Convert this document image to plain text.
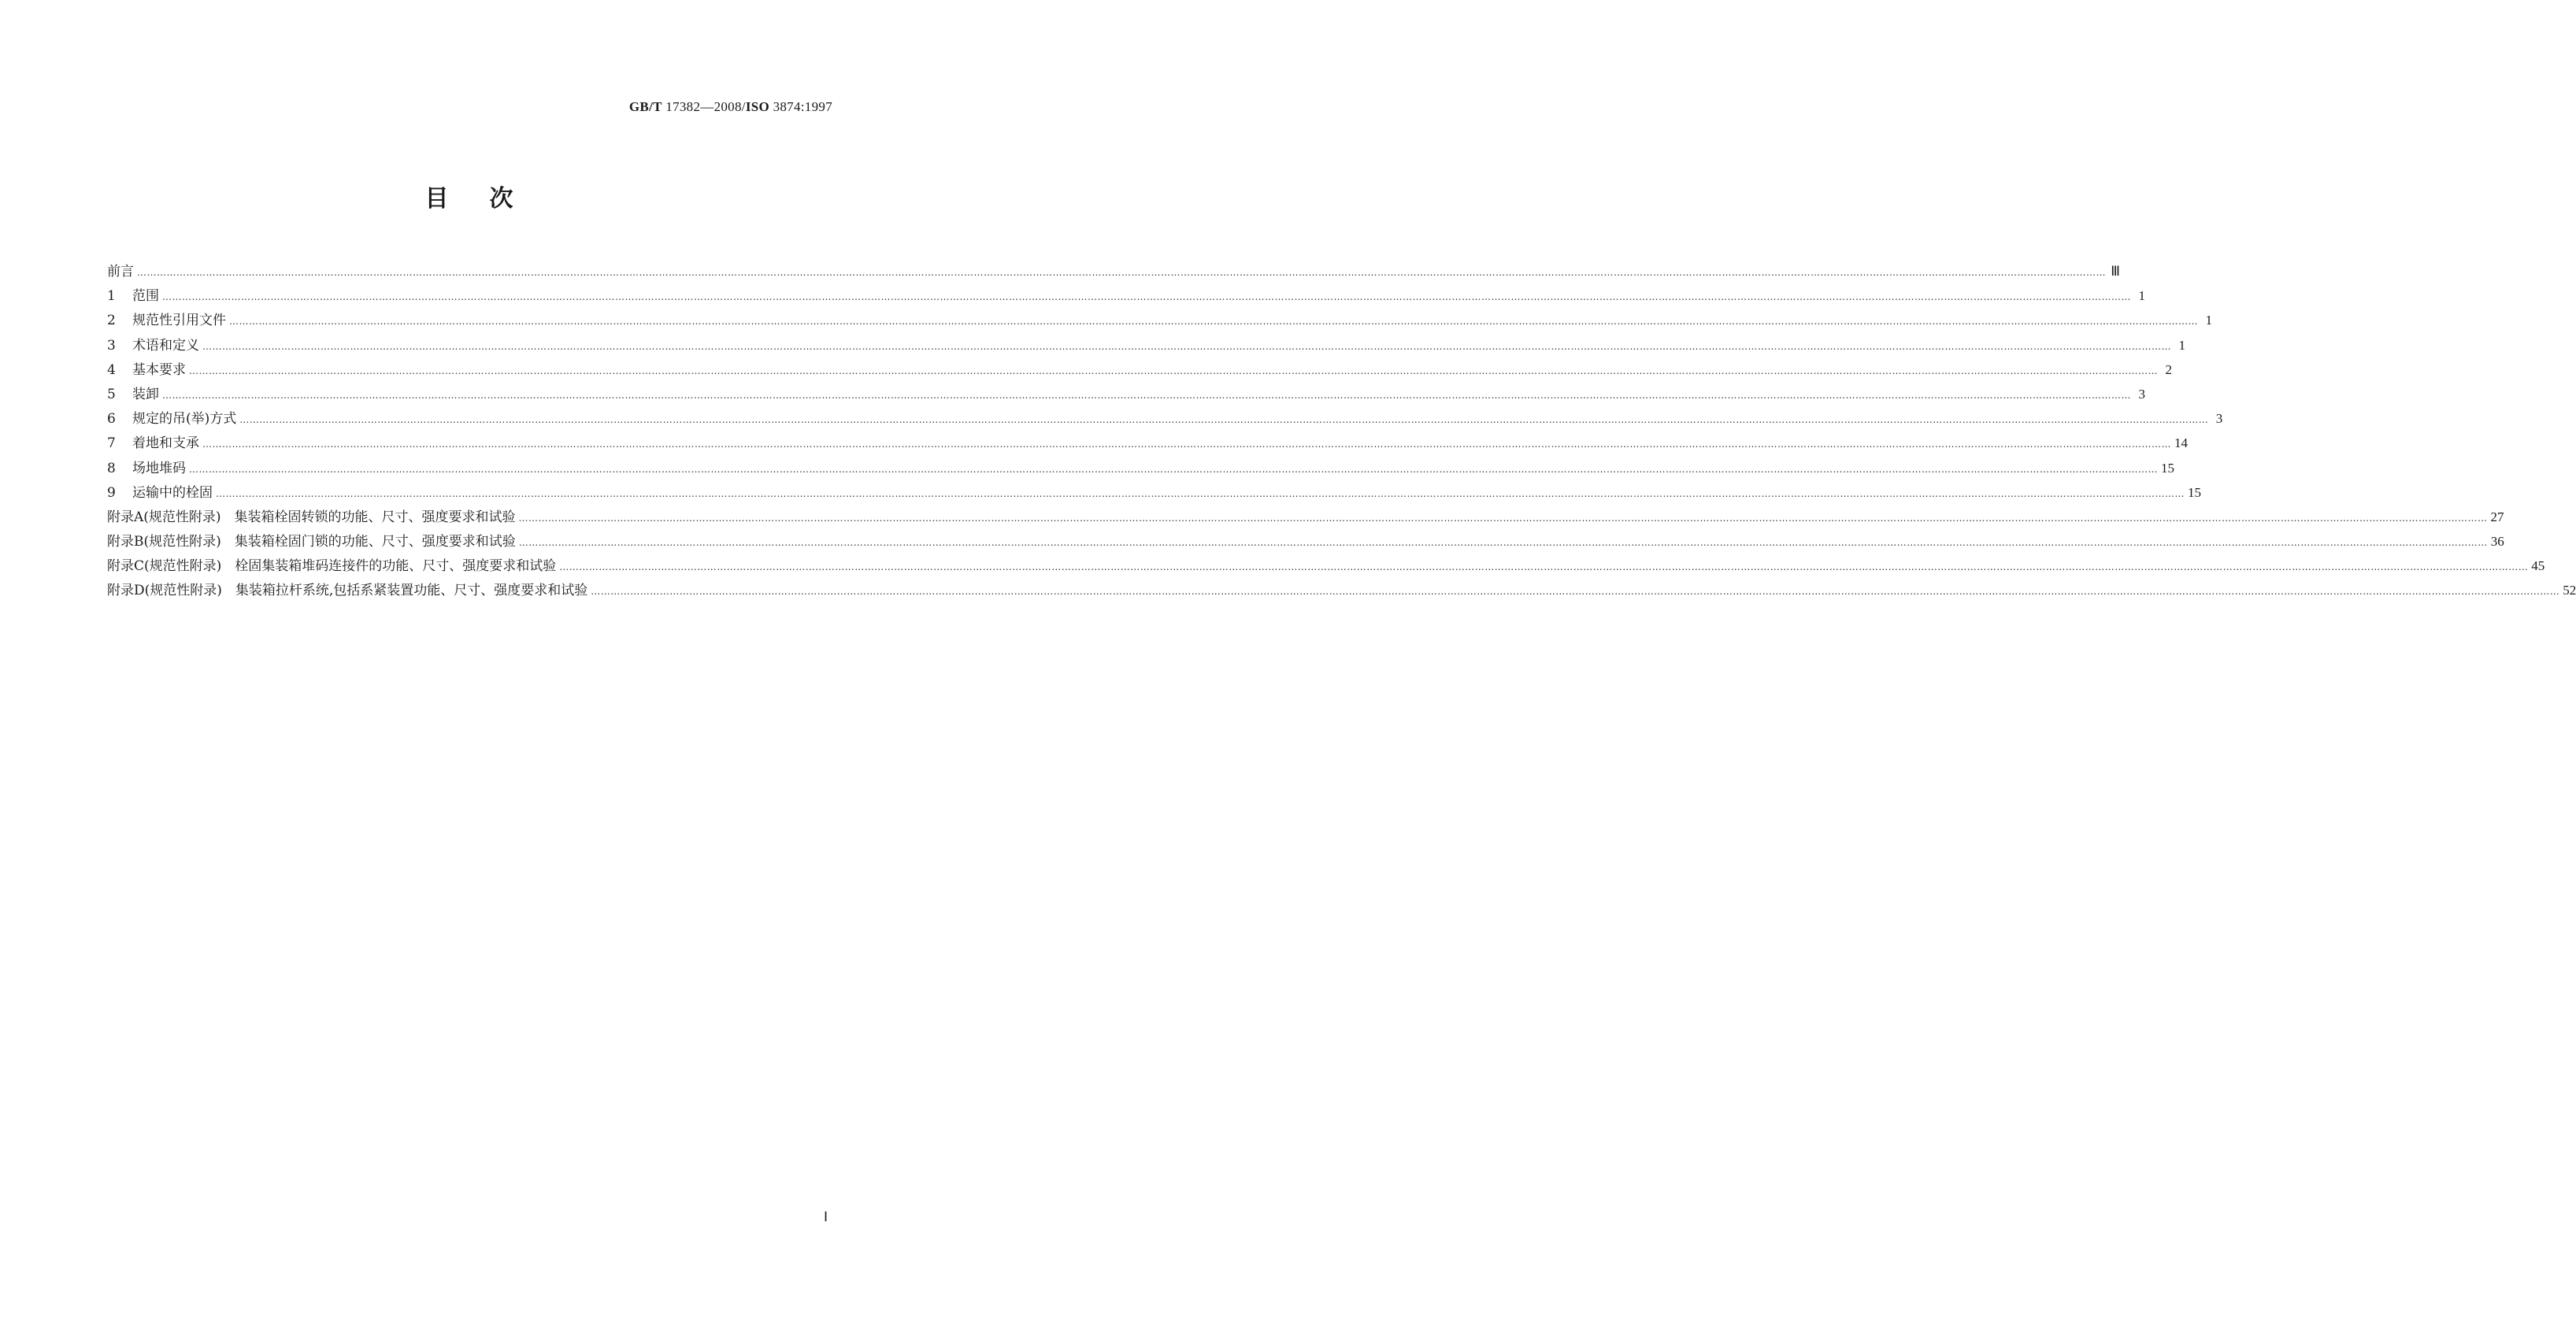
GB/T 17382—2008/ISO 3874:1997
目次
前言 …………………………………………………………………………………………………………………………………………………………………………………………………………………………………………………………………………………………………………………………………………………………………………………………………………………………………………………………………………………………………………………………………………………… Ⅲ
1 范围 …………………………………………………………………………………………………………………………………………………………………………………………………………………………………………………………………………………………………………………………………………………………………………………………………………………………………………………………………………………………………………………………………………………… 1
2 规范性引用文件 …………………………………………………………………………………………………………………………………………………………………………………………………………………………………………………………………………………………………………………………………………………………………………………………………………………………………………………………………………………………………………………………………………………… 1
3 术语和定义 …………………………………………………………………………………………………………………………………………………………………………………………………………………………………………………………………………………………………………………………………………………………………………………………………………………………………………………………………………………………………………………………………………………… 1
4 基本要求 …………………………………………………………………………………………………………………………………………………………………………………………………………………………………………………………………………………………………………………………………………………………………………………………………………………………………………………………………………………………………………………………………………………… 2
5 装卸 …………………………………………………………………………………………………………………………………………………………………………………………………………………………………………………………………………………………………………………………………………………………………………………………………………………………………………………………………………………………………………………………………………………… 3
6 规定的吊(举)方式 …………………………………………………………………………………………………………………………………………………………………………………………………………………………………………………………………………………………………………………………………………………………………………………………………………………………………………………………………………………………………………………………………………………… 3
7 着地和支承 …………………………………………………………………………………………………………………………………………………………………………………………………………………………………………………………………………………………………………………………………………………………………………………………………………………………………………………………………………………………………………………………………………………… 14
8 场地堆码 …………………………………………………………………………………………………………………………………………………………………………………………………………………………………………………………………………………………………………………………………………………………………………………………………………………………………………………………………………………………………………………………………………………… 15
9 运输中的栓固 …………………………………………………………………………………………………………………………………………………………………………………………………………………………………………………………………………………………………………………………………………………………………………………………………………………………………………………………………………………………………………………………………………………… 15
附录A(规范性附录)　集装箱栓固转锁的功能、尺寸、强度要求和试验 …………………………………………………………………………………………………………………………………………………………………………………………………………………………………………………………………………………………………………………………………………………………………………………………………………………………………………………………………………………………………………………………………………………… 27
附录B(规范性附录)　集装箱栓固门锁的功能、尺寸、强度要求和试验 …………………………………………………………………………………………………………………………………………………………………………………………………………………………………………………………………………………………………………………………………………………………………………………………………………………………………………………………………………………………………………………………………………………… 36
附录C(规范性附录)　栓固集装箱堆码连接件的功能、尺寸、强度要求和试验 …………………………………………………………………………………………………………………………………………………………………………………………………………………………………………………………………………………………………………………………………………………………………………………………………………………………………………………………………………………………………………………………………………………… 45
附录D(规范性附录)　集装箱拉杆系统,包括系紧装置功能、尺寸、强度要求和试验 …………………………………………………………………………………………………………………………………………………………………………………………………………………………………………………………………………………………………………………………………………………………………………………………………………………………………………………………………………………………………………………………………………………… 52
Ⅰ
